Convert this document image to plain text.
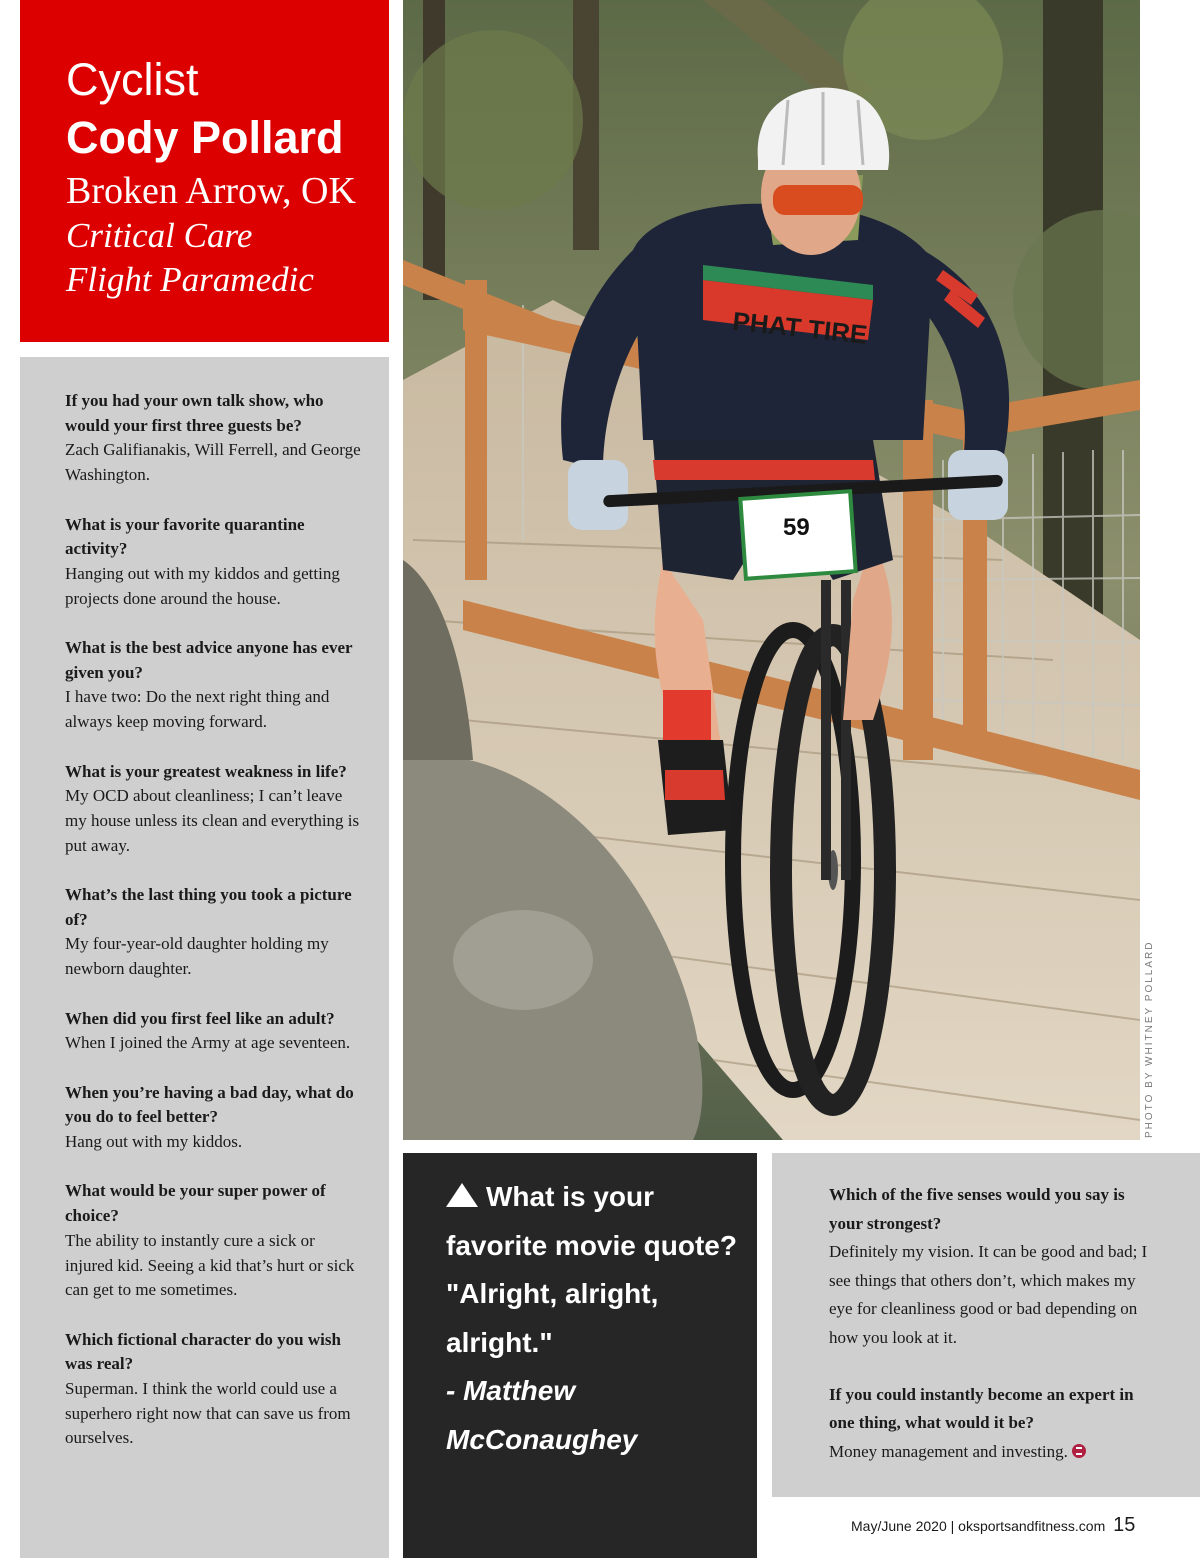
Cyclist
Cody Pollard
Broken Arrow, OK
Critical Care
Flight Paramedic
If you had your own talk show, who would your first three guests be?
Zach Galifianakis, Will Ferrell, and George Washington.
What is your favorite quarantine activity?
Hanging out with my kiddos and getting projects done around the house.
What is the best advice anyone has ever given you?
I have two: Do the next right thing and always keep moving forward.
What is your greatest weakness in life?
My OCD about cleanliness; I can’t leave my house unless its clean and everything is put away.
What’s the last thing you took a picture of?
My four-year-old daughter holding my newborn daughter.
When did you first feel like an adult?
When I joined the Army at age seventeen.
When you’re having a bad day, what do you do to feel better?
Hang out with my kiddos.
What would be your super power of choice?
The ability to instantly cure a sick or injured kid. Seeing a kid that’s hurt or sick can get to me sometimes.
Which fictional character do you wish was real?
Superman. I think the world could use a superhero right now that can save us from ourselves.
PHAT TIRE
59
PHOTO BY WHITNEY POLLARD
What is your favorite movie quote?
"Alright, alright, alright."
- Matthew McConaughey
Which of the five senses would you say is your strongest?
Definitely my vision. It can be good and bad; I see things that others don’t, which makes my eye for cleanliness good or bad depending on how you look at it.
If you could instantly become an expert in one thing, what would it be?
Money management and investing.
May/June 2020 | oksportsandfitness.com 15
